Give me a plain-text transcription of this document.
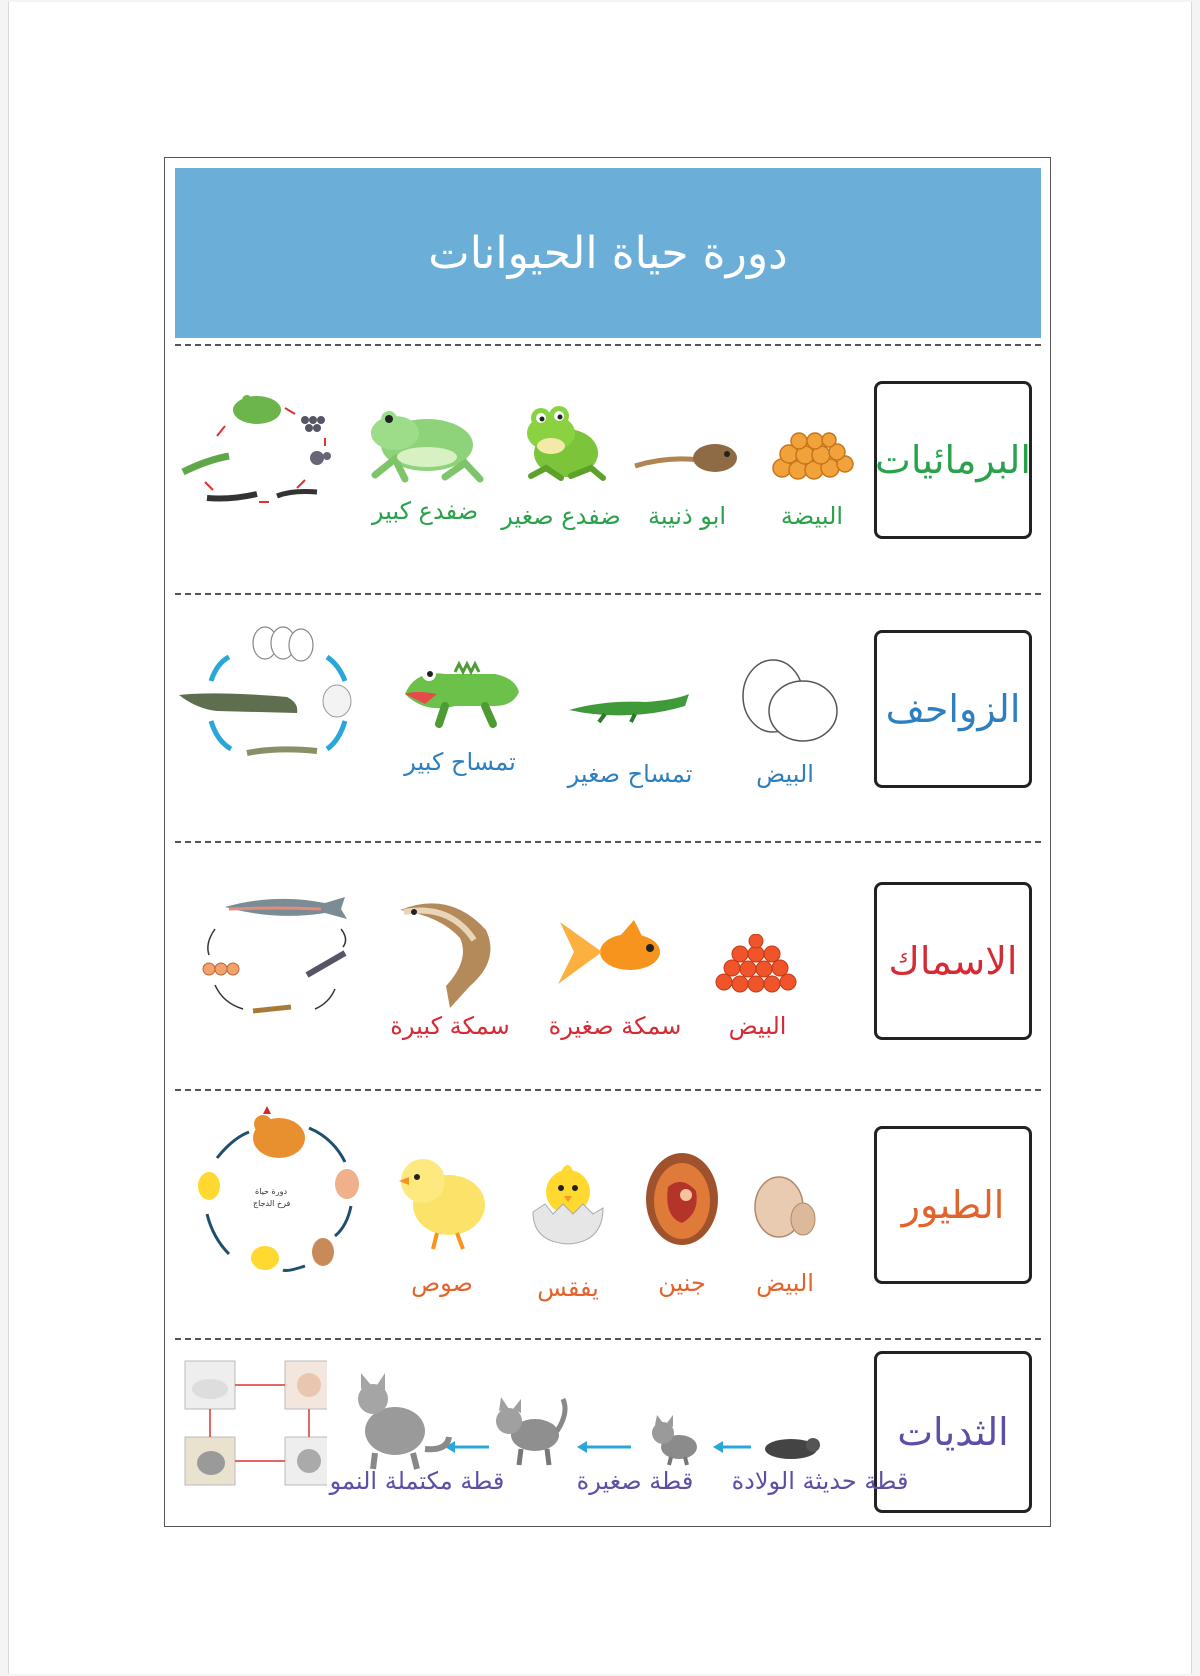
دورة حياة الحيوانات
البرمائيات
البيضة
ابو ذنيبة
ضفدع صغير
ضفدع كبير
الزواحف
البيض
تمساح صغير
تمساح كبير
الاسماك
البيض
سمكة صغيرة
سمكة كبيرة
الطيور
البيض
جنين
يفقس
صوص
دورة حياة
فرخ الدجاج
الثديات
قطة حديثة الولادة
قطة صغيرة
قطة مكتملة النمو
